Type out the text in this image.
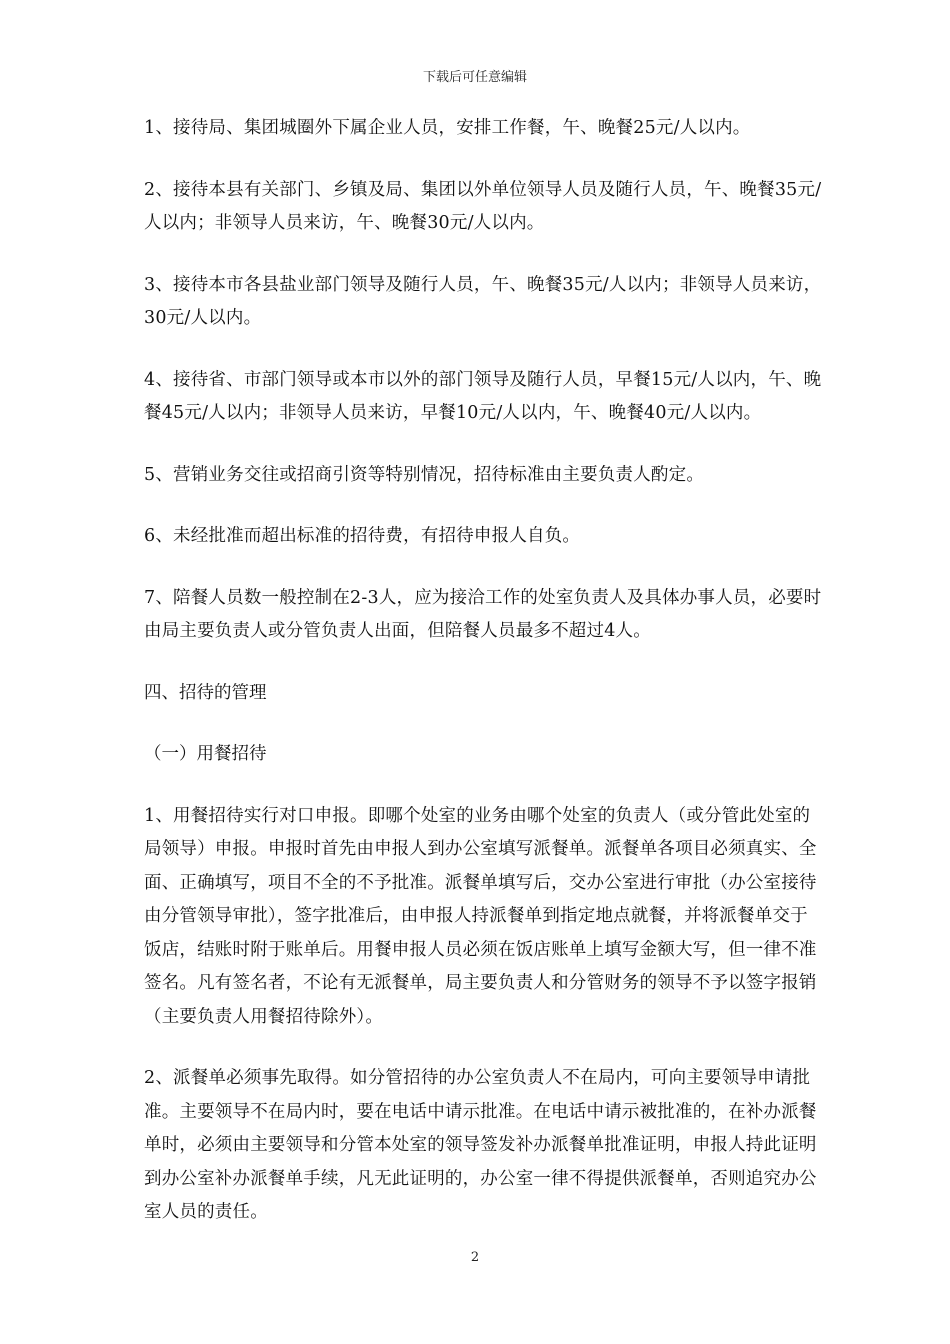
下载后可任意编辑

1、接待局、集团城圈外下属企业人员，安排工作餐，午、晚餐25元/人以内。

2、接待本县有关部门、乡镇及局、集团以外单位领导人员及随行人员，午、晚餐35元/人以内；非领导人员来访，午、晚餐30元/人以内。

3、接待本市各县盐业部门领导及随行人员，午、晚餐35元/人以内；非领导人员来访，30元/人以内。

4、接待省、市部门领导或本市以外的部门领导及随行人员，早餐15元/人以内，午、晚餐45元/人以内；非领导人员来访，早餐10元/人以内，午、晚餐40元/人以内。

5、营销业务交往或招商引资等特别情况，招待标准由主要负责人酌定。

6、未经批准而超出标准的招待费，有招待申报人自负。

7、陪餐人员数一般控制在2-3人，应为接洽工作的处室负责人及具体办事人员，必要时由局主要负责人或分管负责人出面，但陪餐人员最多不超过4人。

四、招待的管理

（一）用餐招待

1、用餐招待实行对口申报。即哪个处室的业务由哪个处室的负责人（或分管此处室的局领导）申报。申报时首先由申报人到办公室填写派餐单。派餐单各项目必须真实、全面、正确填写，项目不全的不予批准。派餐单填写后，交办公室进行审批（办公室接待由分管领导审批），签字批准后，由申报人持派餐单到指定地点就餐，并将派餐单交于饭店，结账时附于账单后。用餐申报人员必须在饭店账单上填写金额大写，但一律不准签名。凡有签名者，不论有无派餐单，局主要负责人和分管财务的领导不予以签字报销（主要负责人用餐招待除外）。

2、派餐单必须事先取得。如分管招待的办公室负责人不在局内，可向主要领导申请批准。主要领导不在局内时，要在电话中请示批准。在电话中请示被批准的，在补办派餐单时，必须由主要领导和分管本处室的领导签发补办派餐单批准证明，申报人持此证明到办公室补办派餐单手续，凡无此证明的，办公室一律不得提供派餐单，否则追究办公室人员的责任。

2
